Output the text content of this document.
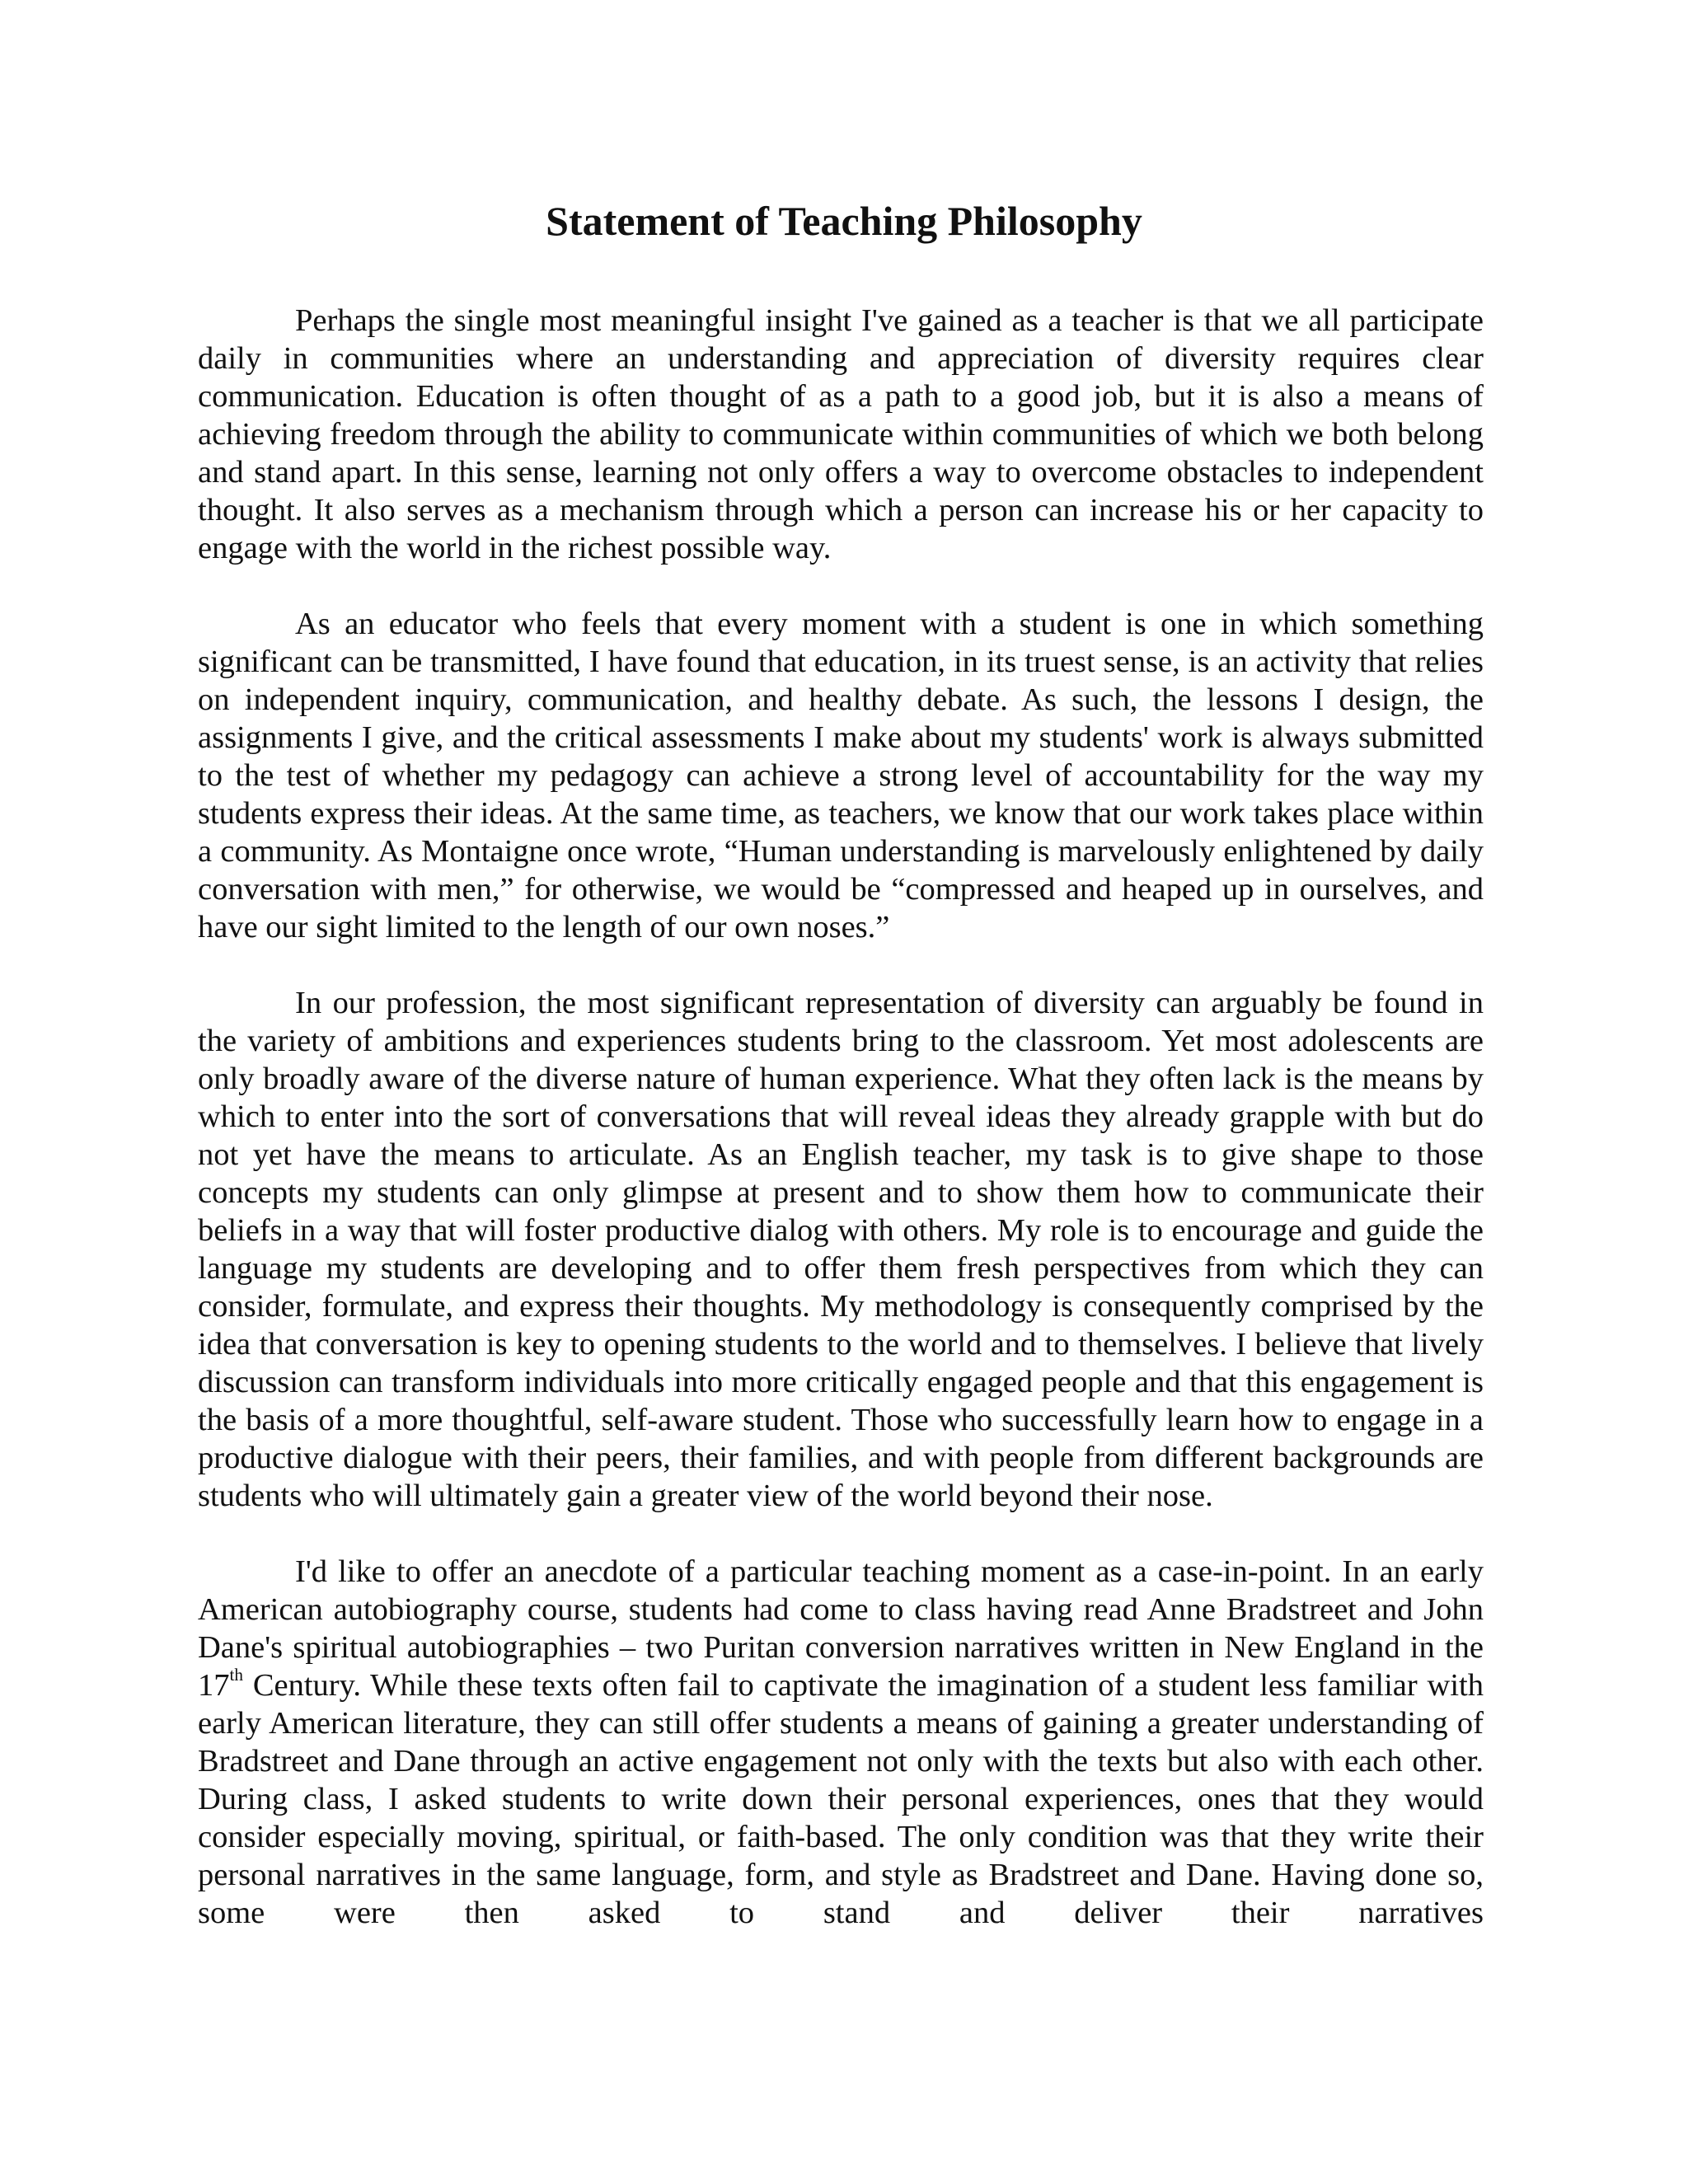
Statement of Teaching Philosophy

Perhaps the single most meaningful insight I've gained as a teacher is that we all participate daily in communities where an understanding and appreciation of diversity requires clear communication. Education is often thought of as a path to a good job, but it is also a means of achieving freedom through the ability to communicate within communities of which we both belong and stand apart. In this sense, learning not only offers a way to overcome obstacles to independent thought. It also serves as a mechanism through which a person can increase his or her capacity to engage with the world in the richest possible way.

As an educator who feels that every moment with a student is one in which something significant can be transmitted, I have found that education, in its truest sense, is an activity that relies on independent inquiry, communication, and healthy debate. As such, the lessons I design, the assignments I give, and the critical assessments I make about my students' work is always submitted to the test of whether my pedagogy can achieve a strong level of accountability for the way my students express their ideas. At the same time, as teachers, we know that our work takes place within a community. As Montaigne once wrote, “Human understanding is marvelously enlightened by daily conversation with men,” for otherwise, we would be “compressed and heaped up in ourselves, and have our sight limited to the length of our own noses.”

In our profession, the most significant representation of diversity can arguably be found in the variety of ambitions and experiences students bring to the classroom. Yet most adolescents are only broadly aware of the diverse nature of human experience. What they often lack is the means by which to enter into the sort of conversations that will reveal ideas they already grapple with but do not yet have the means to articulate. As an English teacher, my task is to give shape to those concepts my students can only glimpse at present and to show them how to communicate their beliefs in a way that will foster productive dialog with others. My role is to encourage and guide the language my students are developing and to offer them fresh perspectives from which they can consider, formulate, and express their thoughts. My methodology is consequently comprised by the idea that conversation is key to opening students to the world and to themselves. I believe that lively discussion can transform individuals into more critically engaged people and that this engagement is the basis of a more thoughtful, self-aware student. Those who successfully learn how to engage in a productive dialogue with their peers, their families, and with people from different backgrounds are students who will ultimately gain a greater view of the world beyond their nose.

I'd like to offer an anecdote of a particular teaching moment as a case-in-point. In an early American autobiography course, students had come to class having read Anne Bradstreet and John Dane's spiritual autobiographies – two Puritan conversion narratives written in New England in the 17th Century. While these texts often fail to captivate the imagination of a student less familiar with early American literature, they can still offer students a means of gaining a greater understanding of Bradstreet and Dane through an active engagement not only with the texts but also with each other. During class, I asked students to write down their personal experiences, ones that they would consider especially moving, spiritual, or faith-based. The only condition was that they write their personal narratives in the same language, form, and style as Bradstreet and Dane. Having done so, some were then asked to stand and deliver their narratives
